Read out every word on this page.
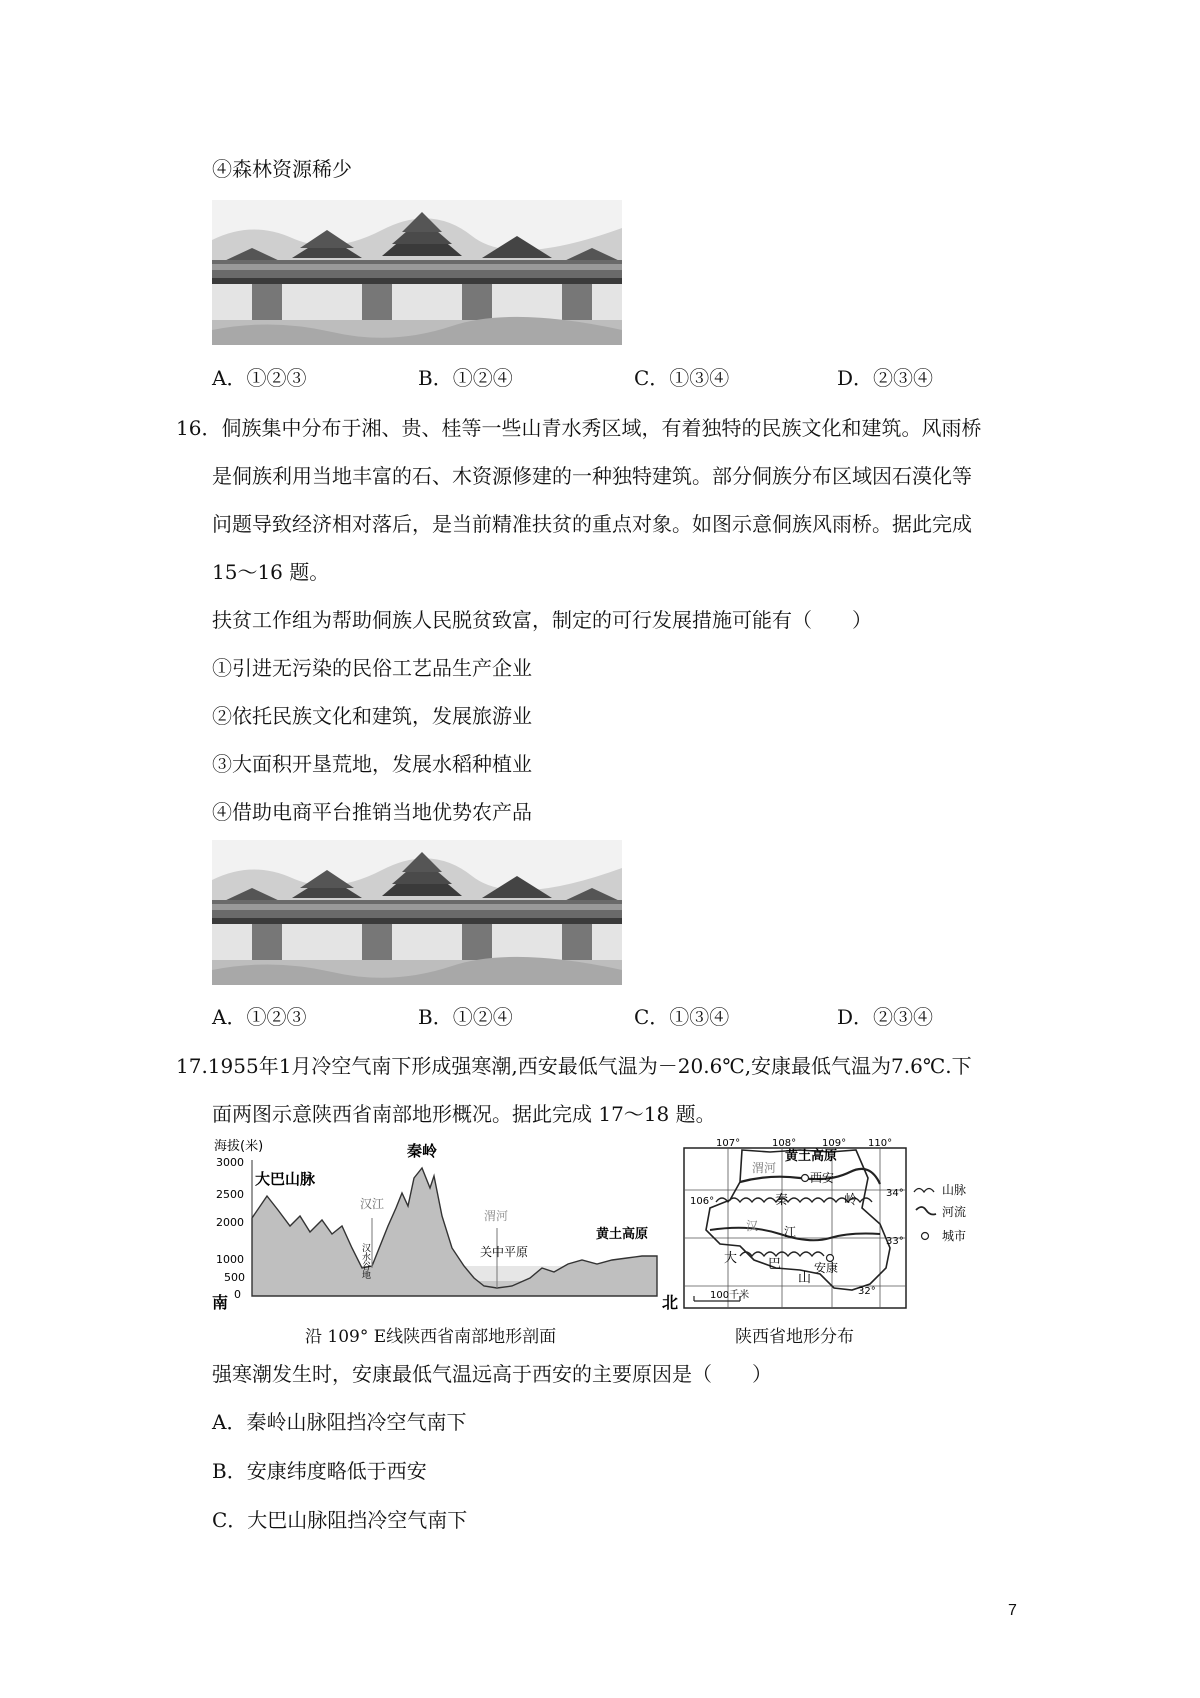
④森林资源稀少
A．①②③	B．①②④	C．①③④	D．②③④
16．侗族集中分布于湘、贵、桂等一些山青水秀区域，有着独特的民族文化和建筑。风雨桥
是侗族利用当地丰富的石、木资源修建的一种独特建筑。部分侗族分布区域因石漠化等
问题导致经济相对落后，是当前精准扶贫的重点对象。如图示意侗族风雨桥。据此完成
15～16 题。
扶贫工作组为帮助侗族人民脱贫致富，制定的可行发展措施可能有（　　）
①引进无污染的民俗工艺品生产企业
②依托民族文化和建筑，发展旅游业
③大面积开垦荒地，发展水稻种植业
④借助电商平台推销当地优势农产品
A．①②③	B．①②④	C．①③④	D．②③④
17.1955年1月冷空气南下形成强寒潮,西安最低气温为－20.6℃,安康最低气温为7.6℃.下
面两图示意陕西省南部地形概况。据此完成 17～18 题。
海拔(米)
3000
2500
2000
1000
500
0
大巴山脉
秦岭
汉江
汉水谷地
渭河
关中平原
黄土高原
南	北
沿 109° E线陕西省南部地形剖面
107°	108°	109° 110°
106°
黄土高原
西安
渭河
秦	岭
汉 江
大 巴
山
安康
34°
33°
32°
100千米
山脉
河流
城市
陕西省地形分布
强寒潮发生时，安康最低气温远高于西安的主要原因是（　　）
A．秦岭山脉阻挡冷空气南下
B．安康纬度略低于西安
C．大巴山脉阻挡冷空气南下
7
